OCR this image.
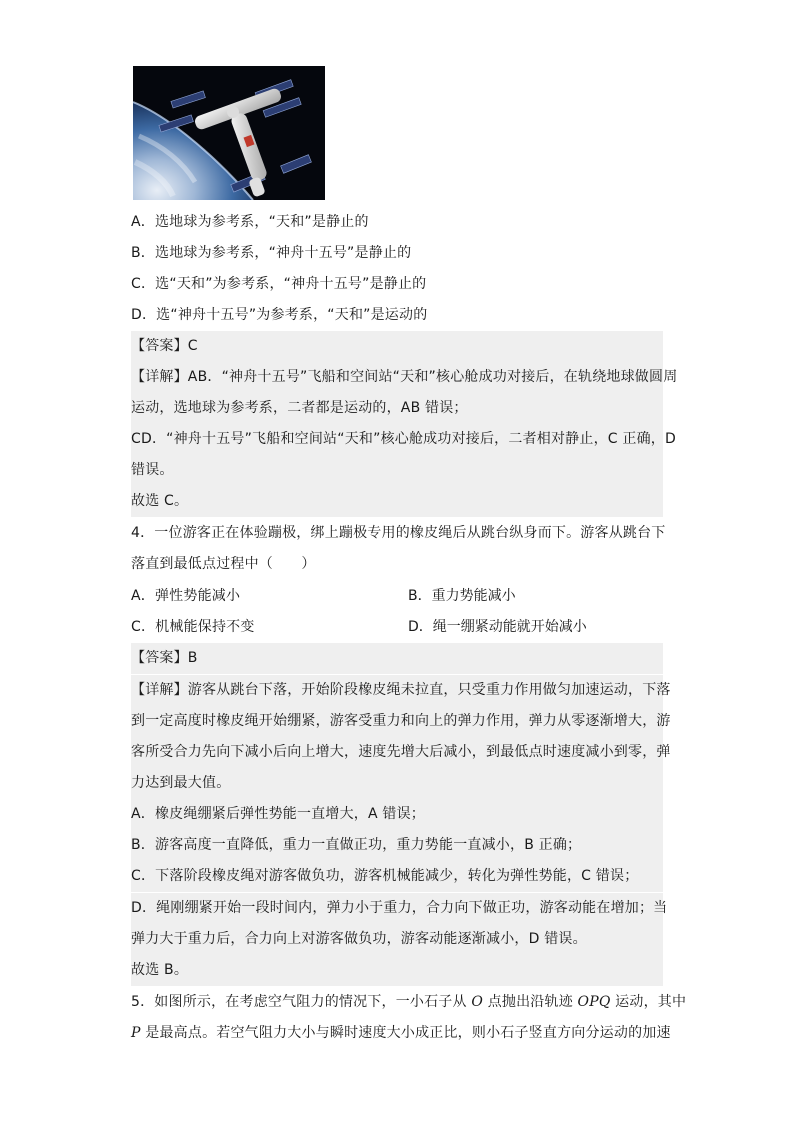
A．选地球为参考系，“天和”是静止的
B．选地球为参考系，“神舟十五号”是静止的
C．选“天和”为参考系，“神舟十五号”是静止的
D．选“神舟十五号”为参考系，“天和”是运动的
【答案】C
【详解】AB．“神舟十五号”飞船和空间站“天和”核心舱成功对接后，在轨绕地球做圆周
运动，选地球为参考系，二者都是运动的，AB 错误；
CD．“神舟十五号”飞船和空间站“天和”核心舱成功对接后，二者相对静止，C 正确，D
错误。
故选 C。
4．一位游客正在体验蹦极，绑上蹦极专用的橡皮绳后从跳台纵身而下。游客从跳台下
落直到最低点过程中（　　）
A．弹性势能减小	B．重力势能减小
C．机械能保持不变	D．绳一绷紧动能就开始减小
【答案】B
【详解】游客从跳台下落，开始阶段橡皮绳未拉直，只受重力作用做匀加速运动，下落
到一定高度时橡皮绳开始绷紧，游客受重力和向上的弹力作用，弹力从零逐渐增大，游
客所受合力先向下减小后向上增大，速度先增大后减小，到最低点时速度减小到零，弹
力达到最大值。
A．橡皮绳绷紧后弹性势能一直增大，A 错误；
B．游客高度一直降低，重力一直做正功，重力势能一直减小，B 正确；
C．下落阶段橡皮绳对游客做负功，游客机械能减少，转化为弹性势能，C 错误；
D．绳刚绷紧开始一段时间内，弹力小于重力，合力向下做正功，游客动能在增加；当
弹力大于重力后，合力向上对游客做负功，游客动能逐渐减小，D 错误。
故选 B。
5．如图所示，在考虑空气阻力的情况下，一小石子从 O 点抛出沿轨迹 OPQ 运动，其中
P 是最高点。若空气阻力大小与瞬时速度大小成正比，则小石子竖直方向分运动的加速
